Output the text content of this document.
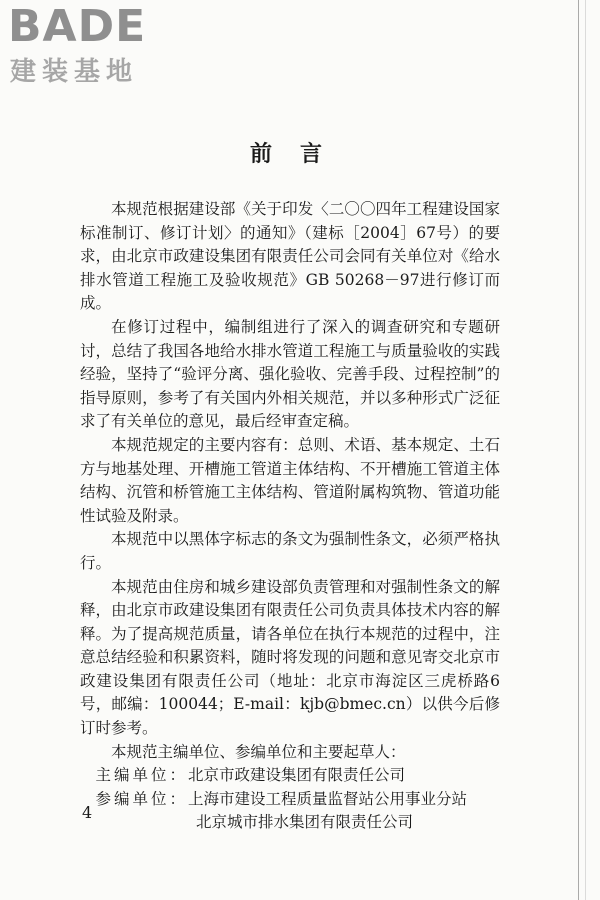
BADE
建装基地
前言

本规范根据建设部《关于印发〈二〇〇四年工程建设国家标准制订、修订计划〉的通知》（建标［2004］67号）的要求，由北京市政建设集团有限责任公司会同有关单位对《给水排水管道工程施工及验收规范》GB 50268－97进行修订而成。

在修订过程中，编制组进行了深入的调查研究和专题研讨，总结了我国各地给水排水管道工程施工与质量验收的实践经验，坚持了“验评分离、强化验收、完善手段、过程控制”的指导原则，参考了有关国内外相关规范，并以多种形式广泛征求了有关单位的意见，最后经审查定稿。

本规范规定的主要内容有：总则、术语、基本规定、土石方与地基处理、开槽施工管道主体结构、不开槽施工管道主体结构、沉管和桥管施工主体结构、管道附属构筑物、管道功能性试验及附录。

本规范中以黑体字标志的条文为强制性条文，必须严格执行。

本规范由住房和城乡建设部负责管理和对强制性条文的解释，由北京市政建设集团有限责任公司负责具体技术内容的解释。为了提高规范质量，请各单位在执行本规范的过程中，注意总结经验和积累资料，随时将发现的问题和意见寄交北京市政建设集团有限责任公司（地址：北京市海淀区三虎桥路6号，邮编：100044；E-mail：kjb@bmec.cn）以供今后修订时参考。

本规范主编单位、参编单位和主要起草人：

主编单位：北京市政建设集团有限责任公司

参编单位：上海市建设工程质量监督站公用事业分站

北京城市排水集团有限责任公司

4
